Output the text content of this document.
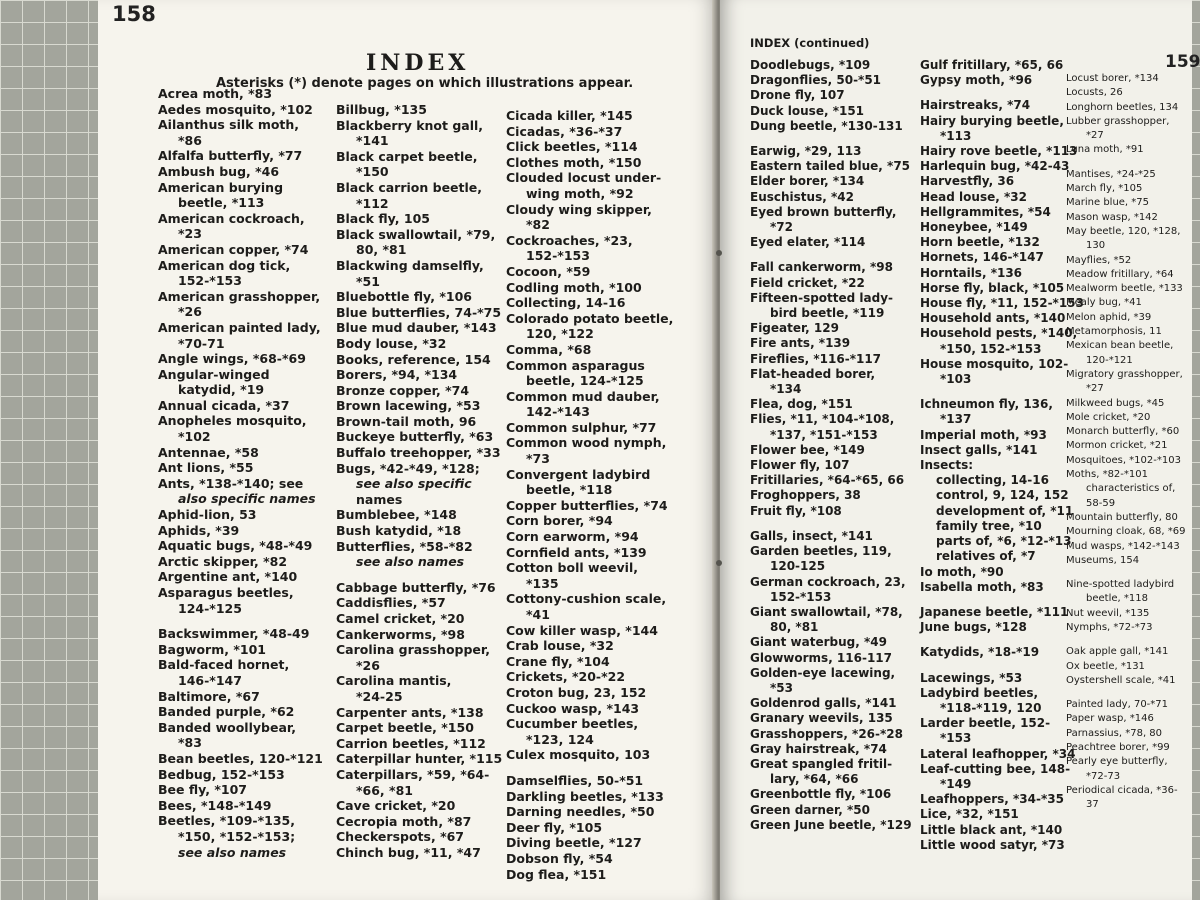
158
INDEX
Asterisks (*) denote pages on which illustrations appear.

Acrea moth, *83

Aedes mosquito, *102

Ailanthus silk moth,

*86

Alfalfa butterfly, *77

Ambush bug, *46

American burying

beetle, *113

American cockroach,

*23

American copper, *74

American dog tick,

152-*153

American grasshopper,

*26

American painted lady,

*70-71

Angle wings, *68-*69

Angular-winged

katydid, *19

Annual cicada, *37

Anopheles mosquito,

*102

Antennae, *58

Ant lions, *55

Ants, *138-*140; see

also specific names

Aphid-lion, 53

Aphids, *39

Aquatic bugs, *48-*49

Arctic skipper, *82

Argentine ant, *140

Asparagus beetles,

124-*125

Backswimmer, *48-49

Bagworm, *101

Bald-faced hornet,

146-*147

Baltimore, *67

Banded purple, *62

Banded woollybear,

*83

Bean beetles, 120-*121

Bedbug, 152-*153

Bee fly, *107

Bees, *148-*149

Beetles, *109-*135,

*150, *152-*153;

see also names

Billbug, *135

Blackberry knot gall,

*141

Black carpet beetle,

*150

Black carrion beetle,

*112

Black fly, 105

Black swallowtail, *79,

80, *81

Blackwing damselfly,

*51

Bluebottle fly, *106

Blue butterflies, 74-*75

Blue mud dauber, *143

Body louse, *32

Books, reference, 154

Borers, *94, *134

Bronze copper, *74

Brown lacewing, *53

Brown-tail moth, 96

Buckeye butterfly, *63

Buffalo treehopper, *33

Bugs, *42-*49, *128;

see also specific

names

Bumblebee, *148

Bush katydid, *18

Butterflies, *58-*82

see also names

Cabbage butterfly, *76

Caddisflies, *57

Camel cricket, *20

Cankerworms, *98

Carolina grasshopper,

*26

Carolina mantis,

*24-25

Carpenter ants, *138

Carpet beetle, *150

Carrion beetles, *112

Caterpillar hunter, *115

Caterpillars, *59, *64-

*66, *81

Cave cricket, *20

Cecropia moth, *87

Checkerspots, *67

Chinch bug, *11, *47

Cicada killer, *145

Cicadas, *36-*37

Click beetles, *114

Clothes moth, *150

Clouded locust under-

wing moth, *92

Cloudy wing skipper,

*82

Cockroaches, *23,

152-*153

Cocoon, *59

Codling moth, *100

Collecting, 14-16

Colorado potato beetle,

120, *122

Comma, *68

Common asparagus

beetle, 124-*125

Common mud dauber,

142-*143

Common sulphur, *77

Common wood nymph,

*73

Convergent ladybird

beetle, *118

Copper butterflies, *74

Corn borer, *94

Corn earworm, *94

Cornfield ants, *139

Cotton boll weevil,

*135

Cottony-cushion scale,

*41

Cow killer wasp, *144

Crab louse, *32

Crane fly, *104

Crickets, *20-*22

Croton bug, 23, 152

Cuckoo wasp, *143

Cucumber beetles,

*123, 124

Culex mosquito, 103

Damselflies, 50-*51

Darkling beetles, *133

Darning needles, *50

Deer fly, *105

Diving beetle, *127

Dobson fly, *54

Dog flea, *151

INDEX (continued)
159

Doodlebugs, *109

Dragonflies, 50-*51

Drone fly, 107

Duck louse, *151

Dung beetle, *130-131

Earwig, *29, 113

Eastern tailed blue, *75

Elder borer, *134

Euschistus, *42

Eyed brown butterfly,

*72

Eyed elater, *114

Fall cankerworm, *98

Field cricket, *22

Fifteen-spotted lady-

bird beetle, *119

Figeater, 129

Fire ants, *139

Fireflies, *116-*117

Flat-headed borer,

*134

Flea, dog, *151

Flies, *11, *104-*108,

*137, *151-*153

Flower bee, *149

Flower fly, 107

Fritillaries, *64-*65, 66

Froghoppers, 38

Fruit fly, *108

Galls, insect, *141

Garden beetles, 119,

120-125

German cockroach, 23,

152-*153

Giant swallowtail, *78,

80, *81

Giant waterbug, *49

Glowworms, 116-117

Golden-eye lacewing,

*53

Goldenrod galls, *141

Granary weevils, 135

Grasshoppers, *26-*28

Gray hairstreak, *74

Great spangled fritil-

lary, *64, *66

Greenbottle fly, *106

Green darner, *50

Green June beetle, *129

Gulf fritillary, *65, 66

Gypsy moth, *96

Hairstreaks, *74

Hairy burying beetle,

*113

Hairy rove beetle, *113

Harlequin bug, *42-43

Harvestfly, 36

Head louse, *32

Hellgrammites, *54

Honeybee, *149

Horn beetle, *132

Hornets, 146-*147

Horntails, *136

Horse fly, black, *105

House fly, *11, 152-*153

Household ants, *140

Household pests, *140,

*150, 152-*153

House mosquito, 102-

*103

Ichneumon fly, 136,

*137

Imperial moth, *93

Insect galls, *141

Insects:

collecting, 14-16

control, 9, 124, 152

development of, *11

family tree, *10

parts of, *6, *12-*13

relatives of, *7

Io moth, *90

Isabella moth, *83

Japanese beetle, *111

June bugs, *128

Katydids, *18-*19

Lacewings, *53

Ladybird beetles,

*118-*119, 120

Larder beetle, 152-

*153

Lateral leafhopper, *34

Leaf-cutting bee, 148-

*149

Leafhoppers, *34-*35

Lice, *32, *151

Little black ant, *140

Little wood satyr, *73

Locust borer, *134

Locusts, 26

Longhorn beetles, 134

Lubber grasshopper,

*27

Luna moth, *91

Mantises, *24-*25

March fly, *105

Marine blue, *75

Mason wasp, *142

May beetle, 120, *128,

130

Mayflies, *52

Meadow fritillary, *64

Mealworm beetle, *133

Mealy bug, *41

Melon aphid, *39

Metamorphosis, 11

Mexican bean beetle,

120-*121

Migratory grasshopper,

*27

Milkweed bugs, *45

Mole cricket, *20

Monarch butterfly, *60

Mormon cricket, *21

Mosquitoes, *102-*103

Moths, *82-*101

characteristics of,

58-59

Mountain butterfly, 80

Mourning cloak, 68, *69

Mud wasps, *142-*143

Museums, 154

Nine-spotted ladybird

beetle, *118

Nut weevil, *135

Nymphs, *72-*73

Oak apple gall, *141

Ox beetle, *131

Oystershell scale, *41

Painted lady, 70-*71

Paper wasp, *146

Parnassius, *78, 80

Peachtree borer, *99

Pearly eye butterfly,

*72-73

Periodical cicada, *36-

37
